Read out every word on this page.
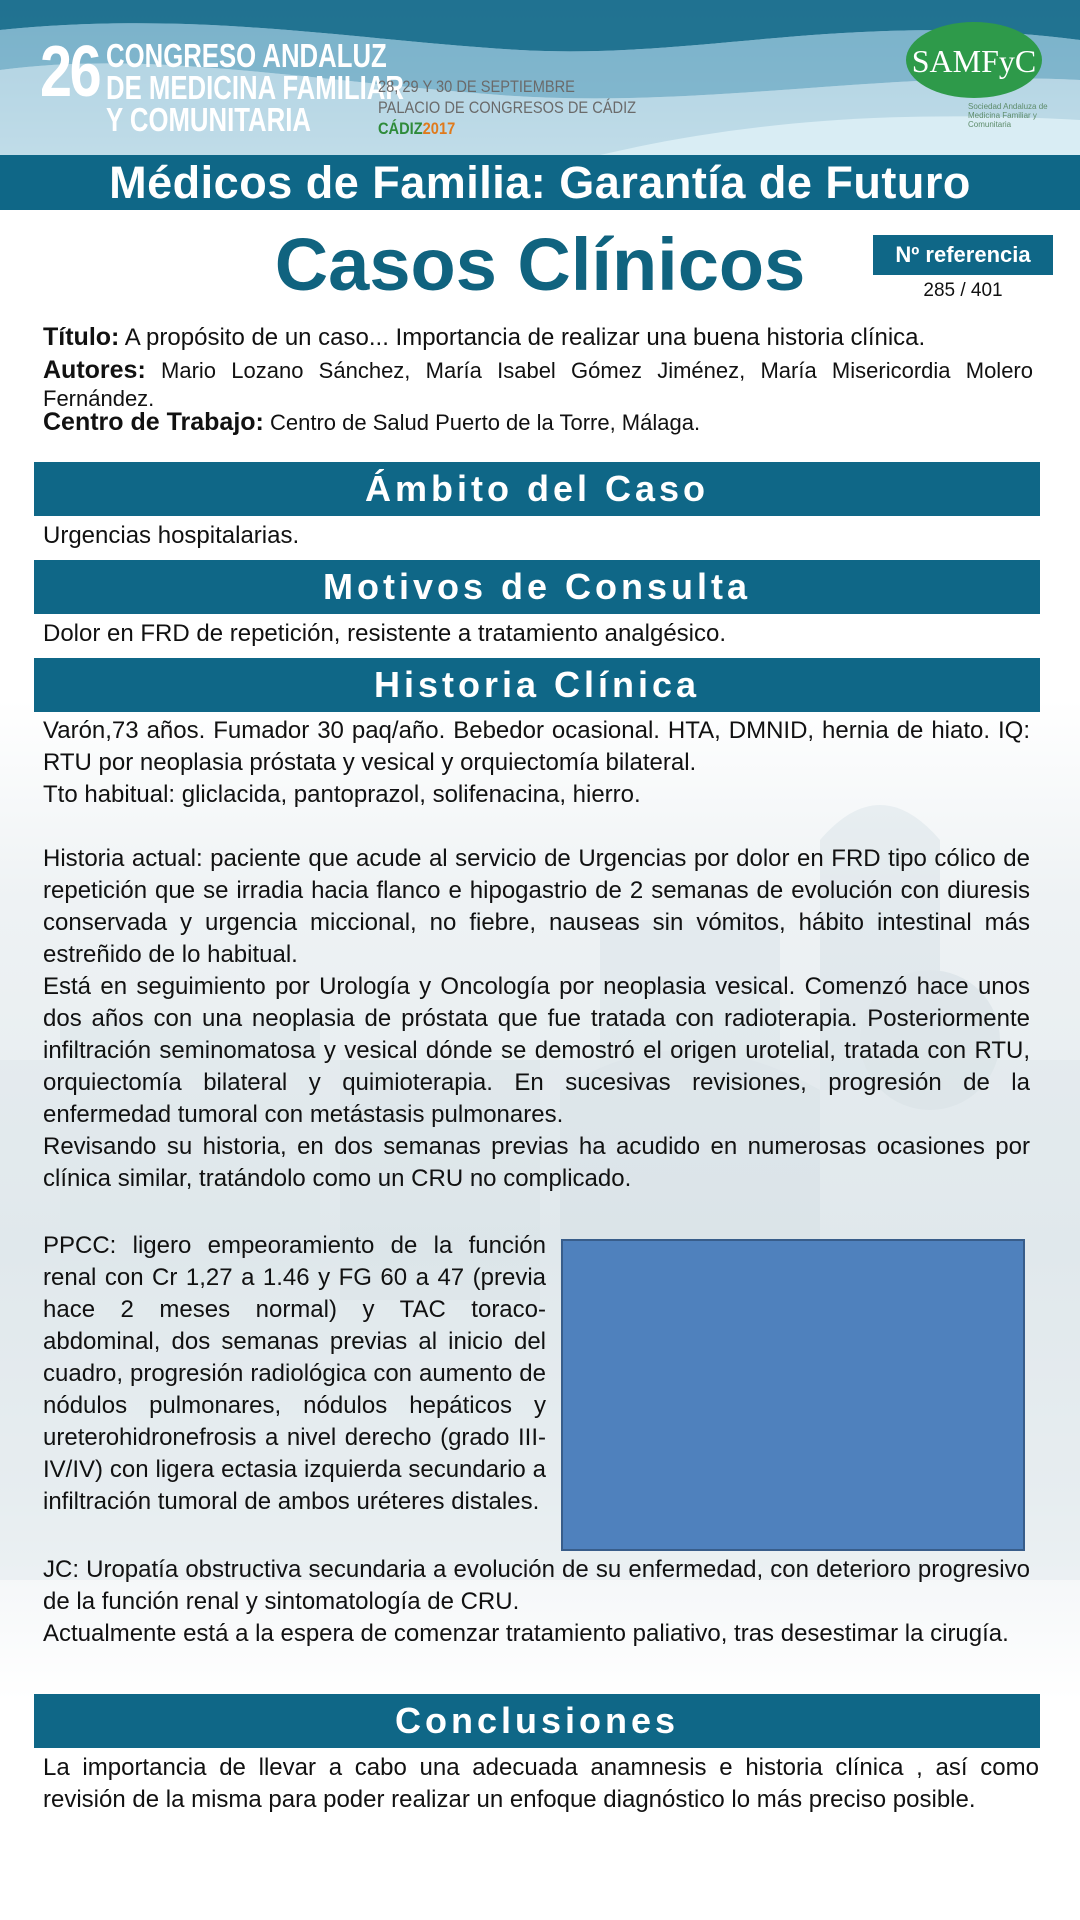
26 CONGRESO ANDALUZ
DE MEDICINA FAMILIAR
Y COMUNITARIA
28, 29 Y 30 DE SEPTIEMBRE
PALACIO DE CONGRESOS DE CÁDIZ
CÁDIZ2017
SAMFyC
Sociedad Andaluza de Medicina Familiar y Comunitaria
Médicos de Familia: Garantía de Futuro
Casos Clínicos	Nº referencia
285 / 401
Título: A propósito de un caso... Importancia de realizar una buena historia clínica.
Autores: Mario Lozano Sánchez, María Isabel Gómez Jiménez, María Misericordia Molero Fernández.
Centro de Trabajo: Centro de Salud Puerto de la Torre, Málaga.
Ámbito del Caso
Urgencias hospitalarias.
Motivos de Consulta
Dolor en FRD de repetición, resistente a tratamiento analgésico.
Historia Clínica

Varón,73 años. Fumador 30 paq/año. Bebedor ocasional. HTA, DMNID, hernia de hiato. IQ: RTU por neoplasia próstata y vesical y orquiectomía bilateral.

Tto habitual: gliclacida, pantoprazol, solifenacina, hierro.

Historia actual: paciente que acude al servicio de Urgencias por dolor en FRD tipo cólico de repetición que se irradia hacia flanco e hipogastrio de 2 semanas de evolución con diuresis conservada y urgencia miccional, no fiebre, nauseas sin vómitos, hábito intestinal más estreñido de lo habitual.

Está en seguimiento por Urología y Oncología por neoplasia vesical. Comenzó hace unos dos años con una neoplasia de próstata que fue tratada con radioterapia. Posteriormente infiltración seminomatosa y vesical dónde se demostró el origen urotelial, tratada con RTU, orquiectomía bilateral y quimioterapia. En sucesivas revisiones, progresión de la enfermedad tumoral con metástasis pulmonares.

Revisando su historia, en dos semanas previas ha acudido en numerosas ocasiones por clínica similar, tratándolo como un CRU no complicado.

PPCC: ligero empeoramiento de la función renal con Cr 1,27 a 1.46 y FG 60 a 47 (previa hace 2 meses normal) y TAC toraco-abdominal, dos semanas previas al inicio del cuadro, progresión radiológica con aumento de nódulos pulmonares, nódulos hepáticos y ureterohidronefrosis a nivel derecho (grado III-IV/IV) con ligera ectasia izquierda secundario a infiltración tumoral de ambos uréteres distales.

JC: Uropatía obstructiva secundaria a evolución de su enfermedad, con deterioro progresivo de la función renal y sintomatología de CRU.

Actualmente está a la espera de comenzar tratamiento paliativo, tras desestimar la cirugía.

Conclusiones
La importancia de llevar a cabo una adecuada anamnesis e historia clínica , así como revisión de la misma para poder realizar un enfoque diagnóstico lo más preciso posible.
